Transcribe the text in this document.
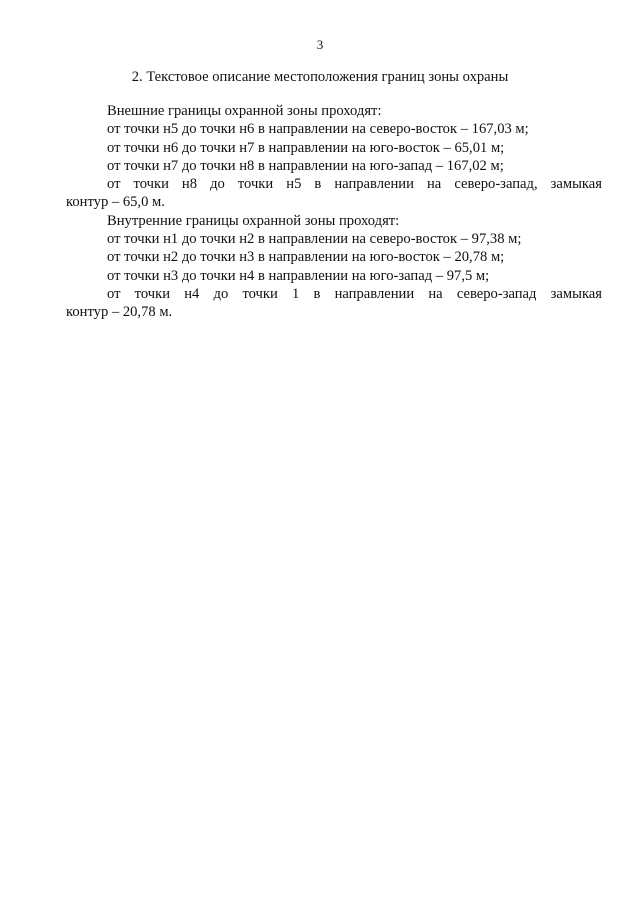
3
2. Текстовое описание местоположения границ зоны охраны

Внешние границы охранной зоны проходят:

от точки н5 до точки н6 в направлении на северо-восток – 167,03 м;

от точки н6 до точки н7 в направлении на юго-восток – 65,01 м;

от точки н7 до точки н8 в направлении на юго-запад – 167,02 м;

от точки н8 до точки н5 в направлении на северо-запад, замыкая

контур – 65,0 м.

Внутренние границы охранной зоны проходят:

от точки н1 до точки н2 в направлении на северо-восток – 97,38 м;

от точки н2 до точки н3 в направлении на юго-восток – 20,78 м;

от точки н3 до точки н4 в направлении на юго-запад – 97,5 м;

от точки н4 до точки 1 в направлении на северо-запад замыкая

контур – 20,78 м.
